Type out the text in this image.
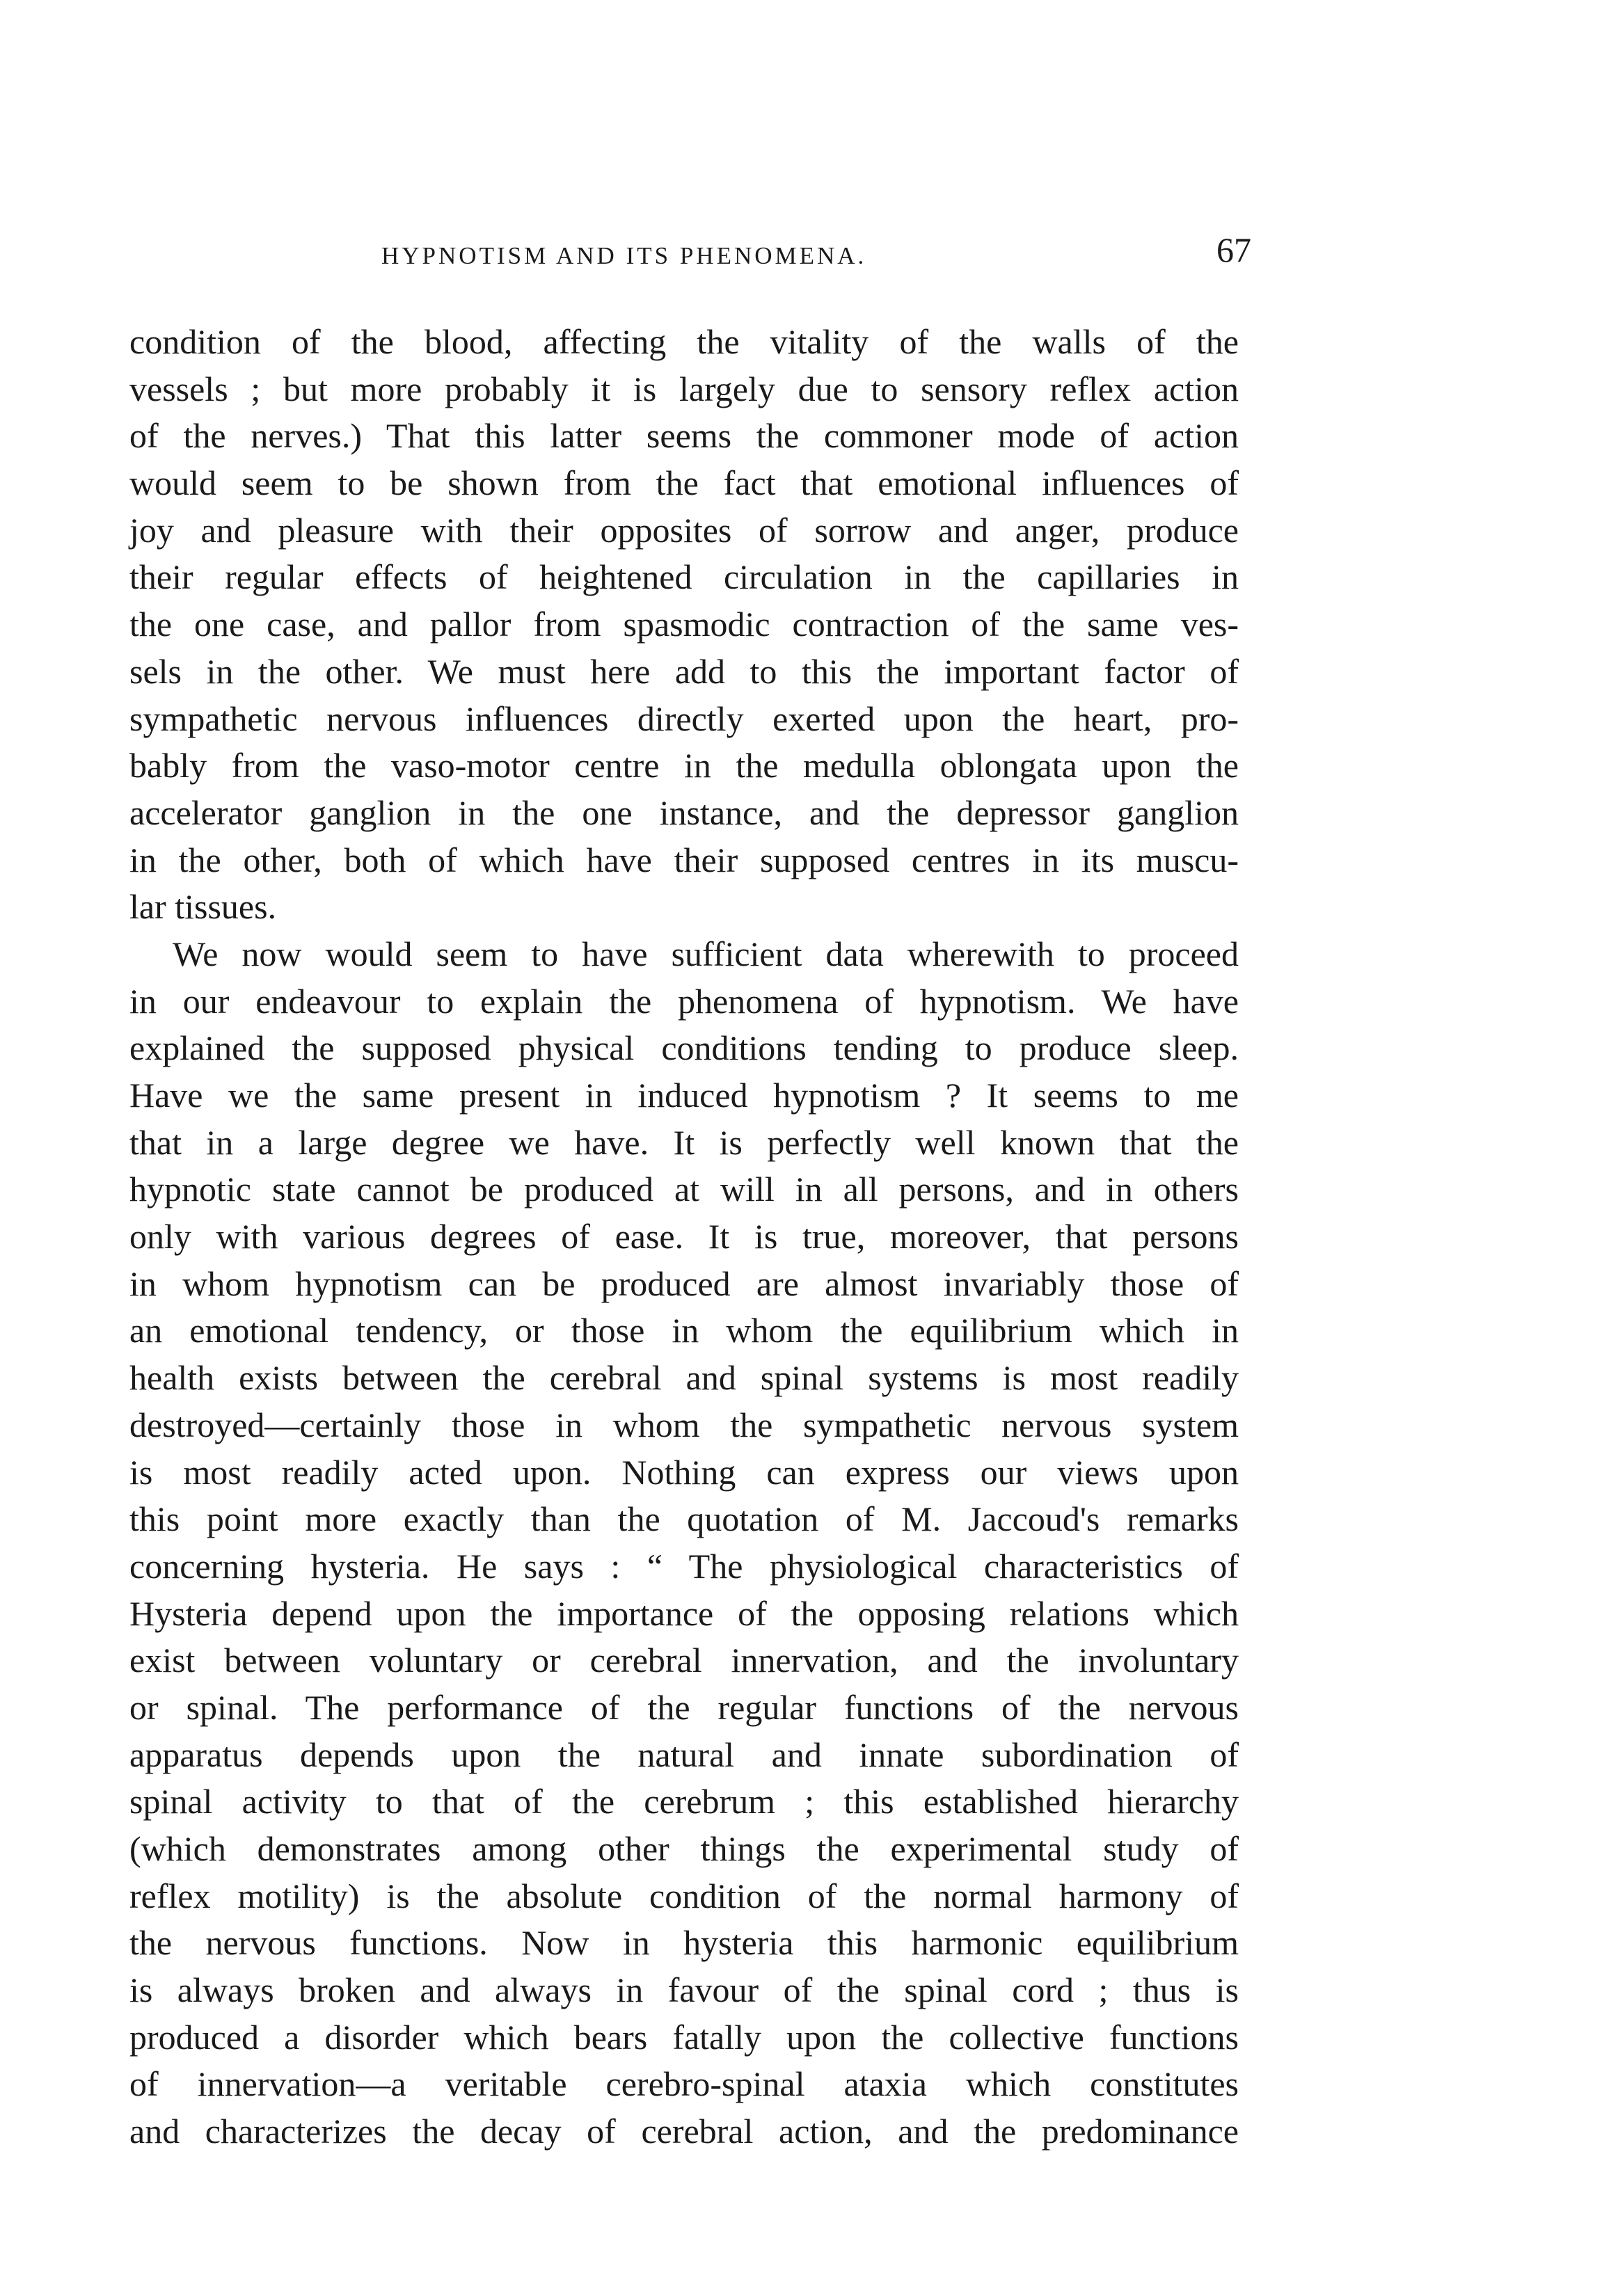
HYPNOTISM AND ITS PHENOMENA.	67
condition of the blood, affecting the vitality of the walls of the
vessels ; but more probably it is largely due to sensory reflex action
of the nerves.) That this latter seems the commoner mode of action
would seem to be shown from the fact that emotional influences of
joy and pleasure with their opposites of sorrow and anger, produce
their regular effects of heightened circulation in the capillaries in
the one case, and pallor from spasmodic contraction of the same ves-
sels in the other. We must here add to this the important factor of
sympathetic nervous influences directly exerted upon the heart, pro-
bably from the vaso-motor centre in the medulla oblongata upon the
accelerator ganglion in the one instance, and the depressor ganglion
in the other, both of which have their supposed centres in its muscu-
lar tissues.
We now would seem to have sufficient data wherewith to proceed
in our endeavour to explain the phenomena of hypnotism. We have
explained the supposed physical conditions tending to produce sleep.
Have we the same present in induced hypnotism ? It seems to me
that in a large degree we have. It is perfectly well known that the
hypnotic state cannot be produced at will in all persons, and in others
only with various degrees of ease. It is true, moreover, that persons
in whom hypnotism can be produced are almost invariably those of
an emotional tendency, or those in whom the equilibrium which in
health exists between the cerebral and spinal systems is most readily
destroyed—certainly those in whom the sympathetic nervous system
is most readily acted upon. Nothing can express our views upon
this point more exactly than the quotation of M. Jaccoud's remarks
concerning hysteria. He says : “ The physiological characteristics of
Hysteria depend upon the importance of the opposing relations which
exist between voluntary or cerebral innervation, and the involuntary
or spinal. The performance of the regular functions of the nervous
apparatus depends upon the natural and innate subordination of
spinal activity to that of the cerebrum ; this established hierarchy
(which demonstrates among other things the experimental study of
reflex motility) is the absolute condition of the normal harmony of
the nervous functions. Now in hysteria this harmonic equilibrium
is always broken and always in favour of the spinal cord ; thus is
produced a disorder which bears fatally upon the collective functions
of innervation—a veritable cerebro-spinal ataxia which constitutes
and characterizes the decay of cerebral action, and the predominance
